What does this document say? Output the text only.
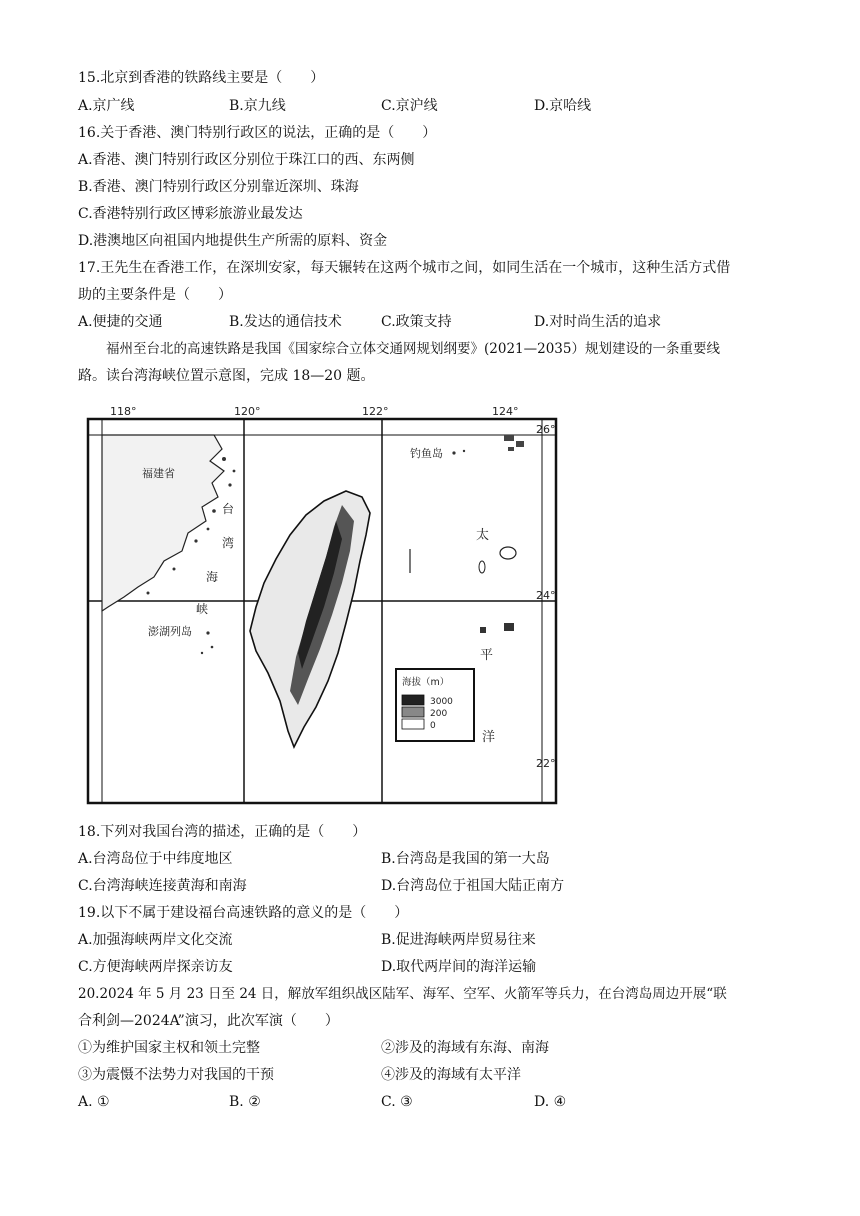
15.北京到香港的铁路线主要是（　　）
A.京广线	B.京九线	C.京沪线	D.京哈线
16.关于香港、澳门特别行政区的说法，正确的是（　　）
A.香港、澳门特别行政区分别位于珠江口的西、东两侧
B.香港、澳门特别行政区分别靠近深圳、珠海
C.香港特别行政区博彩旅游业最发达
D.港澳地区向祖国内地提供生产所需的原料、资金
17.王先生在香港工作，在深圳安家，每天辗转在这两个城市之间，如同生活在一个城市，这种生活方式借
助的主要条件是（　　）
A.便捷的交通	B.发达的通信技术	C.政策支持	D.对时尚生活的追求
福州至台北的高速铁路是我国《国家综合立体交通网规划纲要》(2021—2035）规划建设的一条重要线
路。读台湾海峡位置示意图，完成 18—20 题。
118°	120°	122°	124°
26°
24°
22°
福建省
台
湾
海
峡
澎湖列岛
钓鱼岛
太
平
洋
海拔（m）
3000
200
0
18.下列对我国台湾的描述，正确的是（　　）
A.台湾岛位于中纬度地区	B.台湾岛是我国的第一大岛
C.台湾海峡连接黄海和南海	D.台湾岛位于祖国大陆正南方
19.以下不属于建设福台高速铁路的意义的是（　　）
A.加强海峡两岸文化交流	B.促进海峡两岸贸易往来
C.方便海峡两岸探亲访友	D.取代两岸间的海洋运输
20.2024 年 5 月 23 日至 24 日，解放军组织战区陆军、海军、空军、火箭军等兵力，在台湾岛周边开展“联
合利剑—2024A”演习，此次军演（　　）
①为维护国家主权和领土完整	②涉及的海域有东海、南海
③为震慑不法势力对我国的干预	④涉及的海域有太平洋
A. ①	B. ②	C. ③	D. ④
